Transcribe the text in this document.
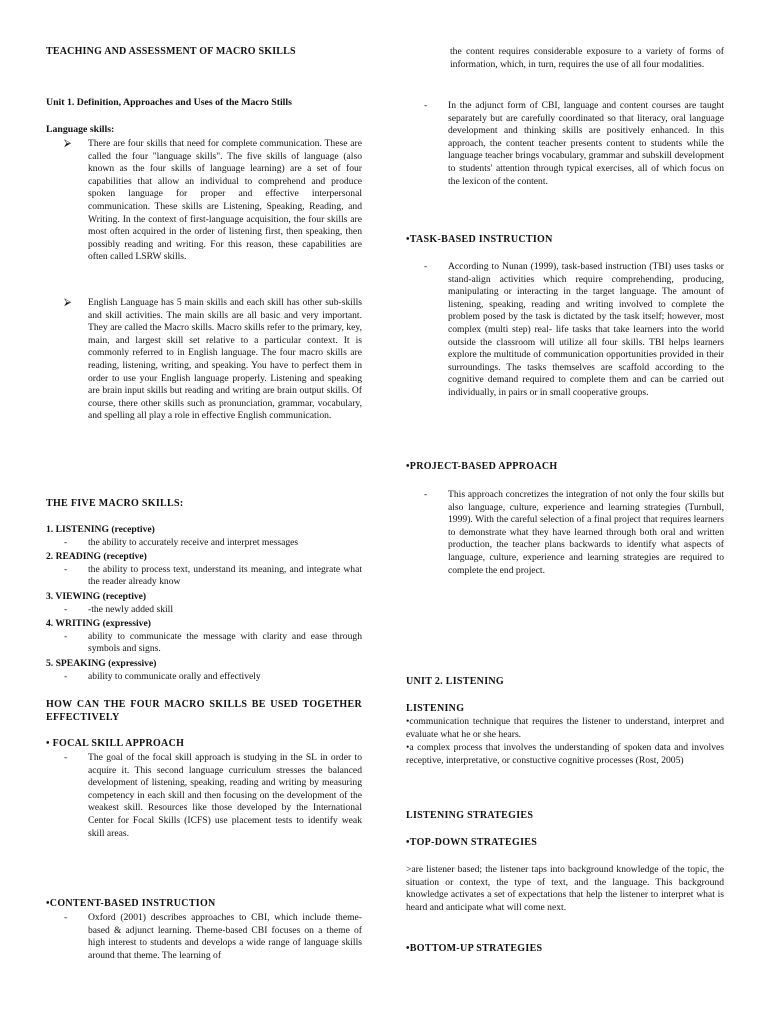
TEACHING AND ASSESSMENT OF MACRO SKILLS
Unit 1. Definition, Approaches and Uses of the Macro Stills
Language skills:
⮚	There are four skills that need for complete communication. These are called the four "language skills". The five skills of language (also known as the four skills of language learning) are a set of four capabilities that allow an individual to comprehend and produce spoken language for proper and effective interpersonal communication. These skills are Listening, Speaking, Reading, and Writing. In the context of first-language acquisition, the four skills are most often acquired in the order of listening first, then speaking, then possibly reading and writing. For this reason, these capabilities are often called LSRW skills.
⮚	English Language has 5 main skills and each skill has other sub-skills and skill activities. The main skills are all basic and very important. They are called the Macro skills. Macro skills refer to the primary, key, main, and largest skill set relative to a particular context. It is commonly referred to in English language. The four macro skills are reading, listening, writing, and speaking. You have to perfect them in order to use your English language properly. Listening and speaking are brain input skills but reading and writing are brain output skills. Of course, there other skills such as pronunciation, grammar, vocabulary, and spelling all play a role in effective English communication.
THE FIVE MACRO SKILLS:
1. LISTENING (receptive)
-	the ability to accurately receive and interpret messages
2. READING (receptive)
-	the ability to process text, understand its meaning, and integrate what the reader already know
3. VIEWING (receptive)
-	-the newly added skill
4. WRITING (expressive)
-	ability to communicate the message with clarity and ease through symbols and signs.
5. SPEAKING (expressive)
-	ability to communicate orally and effectively
HOW CAN THE FOUR MACRO SKILLS BE USED TOGETHER EFFECTIVELY
• FOCAL SKILL APPROACH
-	The goal of the focal skill approach is studying in the SL in order to acquire it. This second language curriculum stresses the balanced development of listening, speaking, reading and writing by measuring competency in each skill and then focusing on the development of the weakest skill. Resources like those developed by the International Center for Focal Skills (ICFS) use placement tests to identify weak skill areas.
•CONTENT-BASED INSTRUCTION
-	Oxford (2001) describes approaches to CBI, which include theme-based & adjunct learning. Theme-based CBI focuses on a theme of high interest to students and develops a wide range of language skills around that theme. The learning of
the content requires considerable exposure to a variety of forms of information, which, in turn, requires the use of all four modalities.
-	In the adjunct form of CBI, language and content courses are taught separately but are carefully coordinated so that literacy, oral language development and thinking skills are positively enhanced. In this approach, the content teacher presents content to students while the language teacher brings vocabulary, grammar and subskill development to students' attention through typical exercises, all of which focus on the lexicon of the content.
•TASK-BASED INSTRUCTION
-	According to Nunan (1999), task-based instruction (TBI) uses tasks or stand-align activities which require comprehending, producing, manipulating or interacting in the target language. The amount of listening, speaking, reading and writing involved to complete the problem posed by the task is dictated by the task itself; however, most complex (multi step) real- life tasks that take learners into the world outside the classroom will utilize all four skills. TBI helps learners explore the multitude of communication opportunities provided in their surroundings. The tasks themselves are scaffold according to the cognitive demand required to complete them and can be carried out individually, in pairs or in small cooperative groups.
•PROJECT-BASED APPROACH
-	This approach concretizes the integration of not only the four skills but also language, culture, experience and learning strategies (Turnbull, 1999). With the careful selection of a final project that requires learners to demonstrate what they have learned through both oral and written production, the teacher plans backwards to identify what aspects of language, culture, experience and learning strategies are required to complete the end project.
UNIT 2. LISTENING
LISTENING
•communication technique that requires the listener to understand, interpret and evaluate what he or she hears.
•a complex process that involves the understanding of spoken data and involves receptive, interpretative, or constuctive cognitive processes (Rost, 2005)
LISTENING STRATEGIES
•TOP-DOWN STRATEGIES
>are listener based; the listener taps into background knowledge of the topic, the situation or context, the type of text, and the language. This background knowledge activates a set of expectations that help the listener to interpret what is heard and anticipate what will come next.
•BOTTOM-UP STRATEGIES
